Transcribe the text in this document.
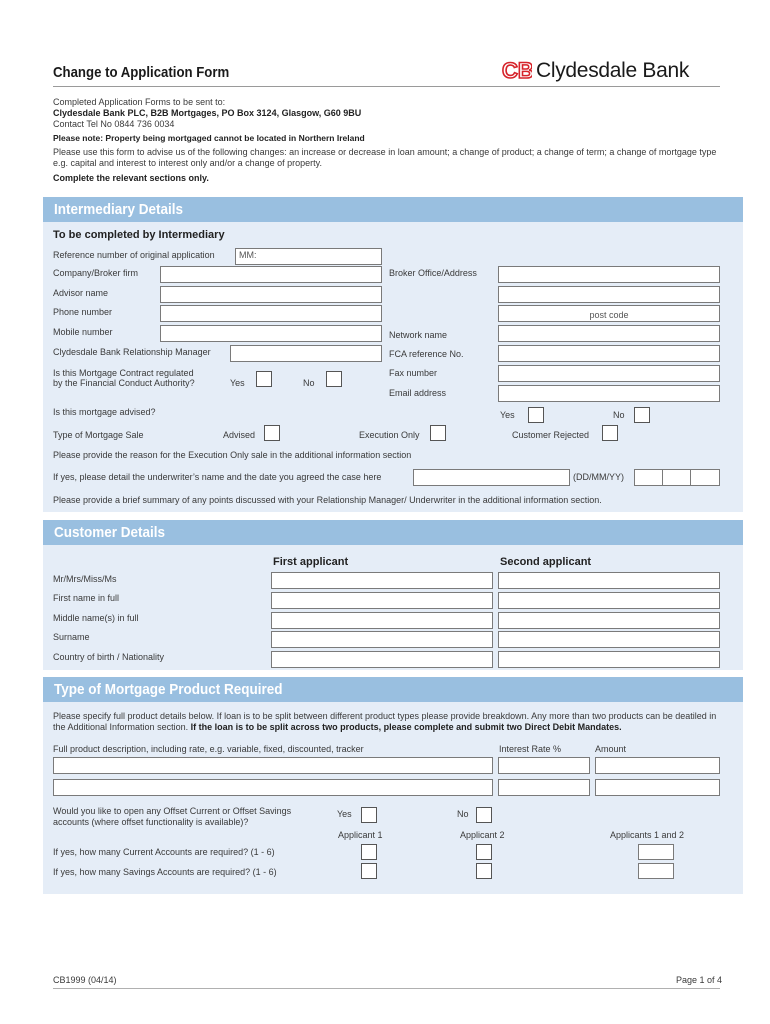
Change to Application Form	CB Clydesdale Bank
Completed Application Forms to be sent to:
Clydesdale Bank PLC, B2B Mortgages, PO Box 3124, Glasgow, G60 9BU
Contact Tel No 0844 736 0034
Please note: Property being mortgaged cannot be located in Northern Ireland
Please use this form to advise us of the following changes: an increase or decrease in loan amount; a change of product; a change of term; a change of mortgage type e.g. capital and interest to interest only and/or a change of property.
Complete the relevant sections only.
Intermediary Details
To be completed by Intermediary
Reference number of original application	MM:
Company/Broker firm	Broker Office/Address
Advisor name
Phone number	post code
Mobile number	Network name
Clydesdale Bank Relationship Manager	FCA reference No.
Is this Mortgage Contract regulated
by the Financial Conduct Authority?	Yes	No
Fax number
Email address
Is this mortgage advised?	Yes	No
Type of Mortgage Sale	Advised	Execution Only	Customer Rejected
Please provide the reason for the Execution Only sale in the additional information section
If yes, please detail the underwriter’s name and the date you agreed the case here	(DD/MM/YY)
Please provide a brief summary of any points discussed with your Relationship Manager/ Underwriter in the additional information section.
Customer Details
First applicant	Second applicant
Mr/Mrs/Miss/Ms
First name in full
Middle name(s) in full
Surname
Country of birth / Nationality
Type of Mortgage Product Required
Please specify full product details below. If loan is to be split between different product types please provide breakdown. Any more than two products can be deatiled in the Additional Information section. If the loan is to be split across two products, please complete and submit two Direct Debit Mandates.
Full product description, including rate, e.g. variable, fixed, discounted, tracker	Interest Rate %	Amount
Would you like to open any Offset Current or Offset Savings
accounts (where offset functionality is available)?
Yes	No
Applicant 1	Applicant 2	Applicants 1 and 2
If yes, how many Current Accounts are required? (1 - 6)
If yes, how many Savings Accounts are required? (1 - 6)
CB1999 (04/14)	Page 1 of 4
